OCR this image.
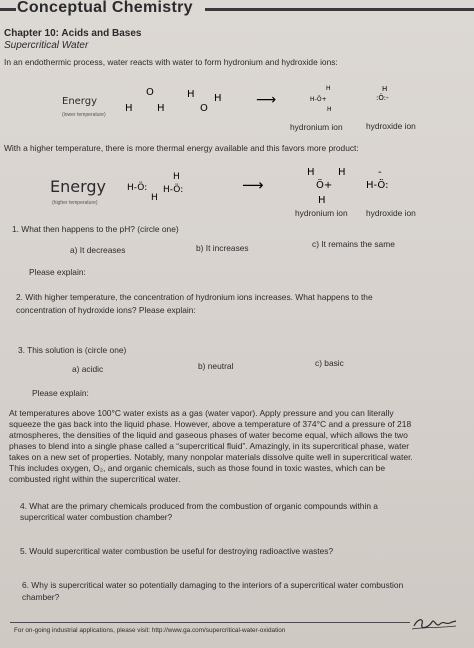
Conceptual Chemistry
Chapter 10: Acids and Bases
Supercritical Water
In an endothermic process, water reacts with water to form hydronium and hydroxide ions:
Energy
(lower temperature)
O
H H
H
O
H ⟶
H
H-Ö+
H
H
:Ö:-
hydronium ion	hydroxide ion
With a higher temperature, there is more thermal energy available and this favors more product:
Energy
(higher temperature)
H-Ö:
H
H
H-Ö:	⟶
H H
Ö+
H
H-Ö:
-
hydronium ion hydroxide ion
1. What then happens to the pH? (circle one)
a) It decreases	b) It increases	c) It remains the same
Please explain:
2. With higher temperature, the concentration of hydronium ions increases. What happens to the
concentration of hydroxide ions? Please explain:
3. This solution is (circle one)
a) acidic	b) neutral	c) basic
Please explain:
At temperatures above 100°C water exists as a gas (water vapor). Apply pressure and you can literally
squeeze the gas back into the liquid phase. However, above a temperature of 374°C and a pressure of 218
atmospheres, the densities of the liquid and gaseous phases of water become equal, which allows the two
phases to blend into a single phase called a “supercritical fluid”. Amazingly, in its supercritical phase, water
takes on a new set of properties. Notably, many nonpolar materials dissolve quite well in supercritical water.
This includes oxygen, O₂, and organic chemicals, such as those found in toxic wastes, which can be
combusted right within the supercritical water.
4. What are the primary chemicals produced from the combustion of organic compounds within a
supercritical water combustion chamber?
5. Would supercritical water combustion be useful for destroying radioactive wastes?
6. Why is supercritical water so potentially damaging to the interiors of a supercritical water combustion
chamber?
For on-going industrial applications, please visit: http://www.ga.com/supercritical-water-oxidation
